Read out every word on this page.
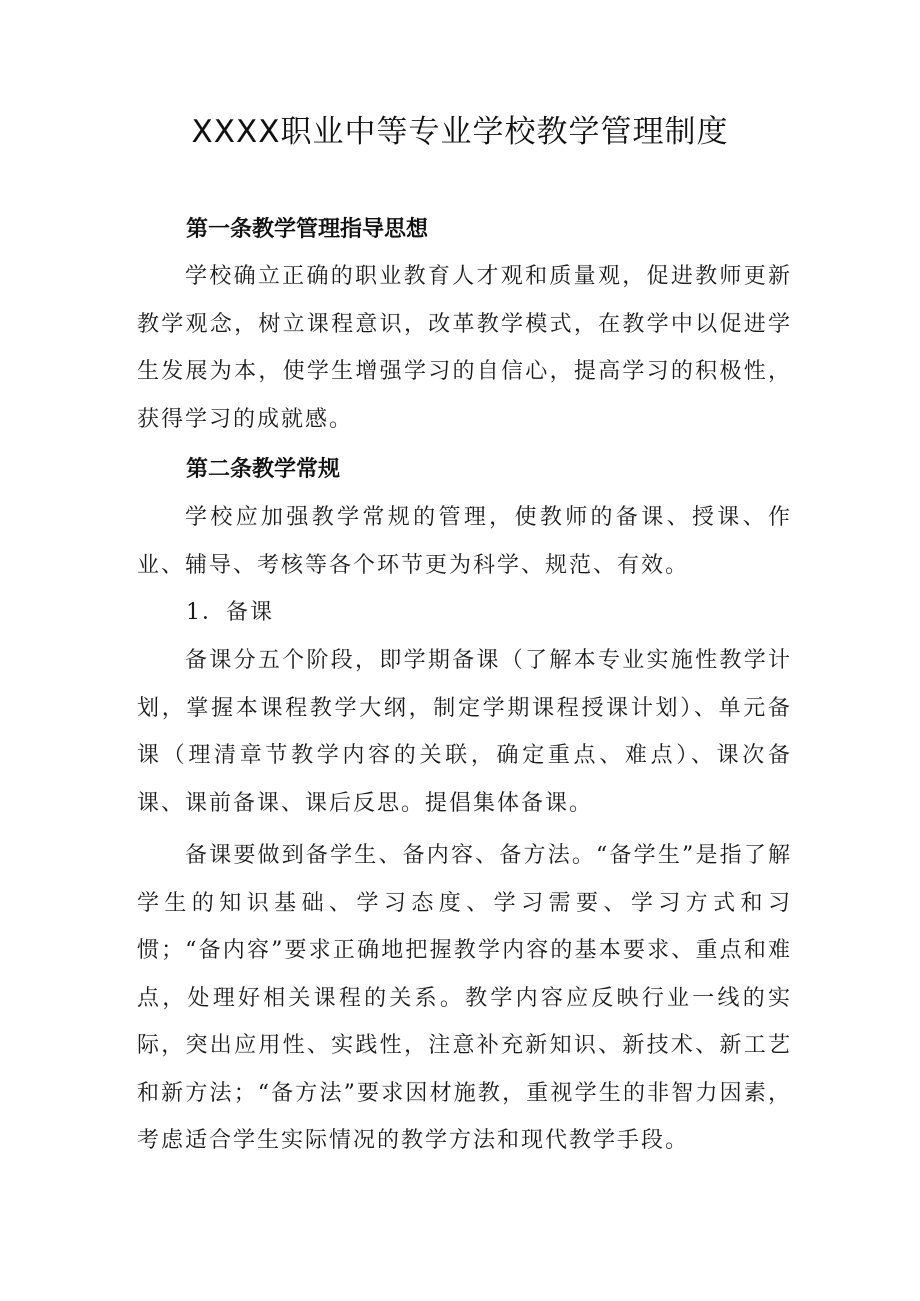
XXXX职业中等专业学校教学管理制度
第一条教学管理指导思想
学校确立正确的职业教育人才观和质量观，促进教师更新教学观念，树立课程意识，改革教学模式，在教学中以促进学生发展为本，使学生增强学习的自信心，提高学习的积极性，获得学习的成就感。
第二条教学常规
学校应加强教学常规的管理，使教师的备课、授课、作业、辅导、考核等各个环节更为科学、规范、有效。
1．备课
备课分五个阶段，即学期备课（了解本专业实施性教学计划，掌握本课程教学大纲，制定学期课程授课计划）、单元备课（理清章节教学内容的关联，确定重点、难点）、课次备课、课前备课、课后反思。提倡集体备课。
备课要做到备学生、备内容、备方法。“备学生”是指了解学生的知识基础、学习态度、学习需要、学习方式和习惯；“备内容”要求正确地把握教学内容的基本要求、重点和难点，处理好相关课程的关系。教学内容应反映行业一线的实际，突出应用性、实践性，注意补充新知识、新技术、新工艺和新方法；“备方法”要求因材施教，重视学生的非智力因素，考虑适合学生实际情况的教学方法和现代教学手段。
